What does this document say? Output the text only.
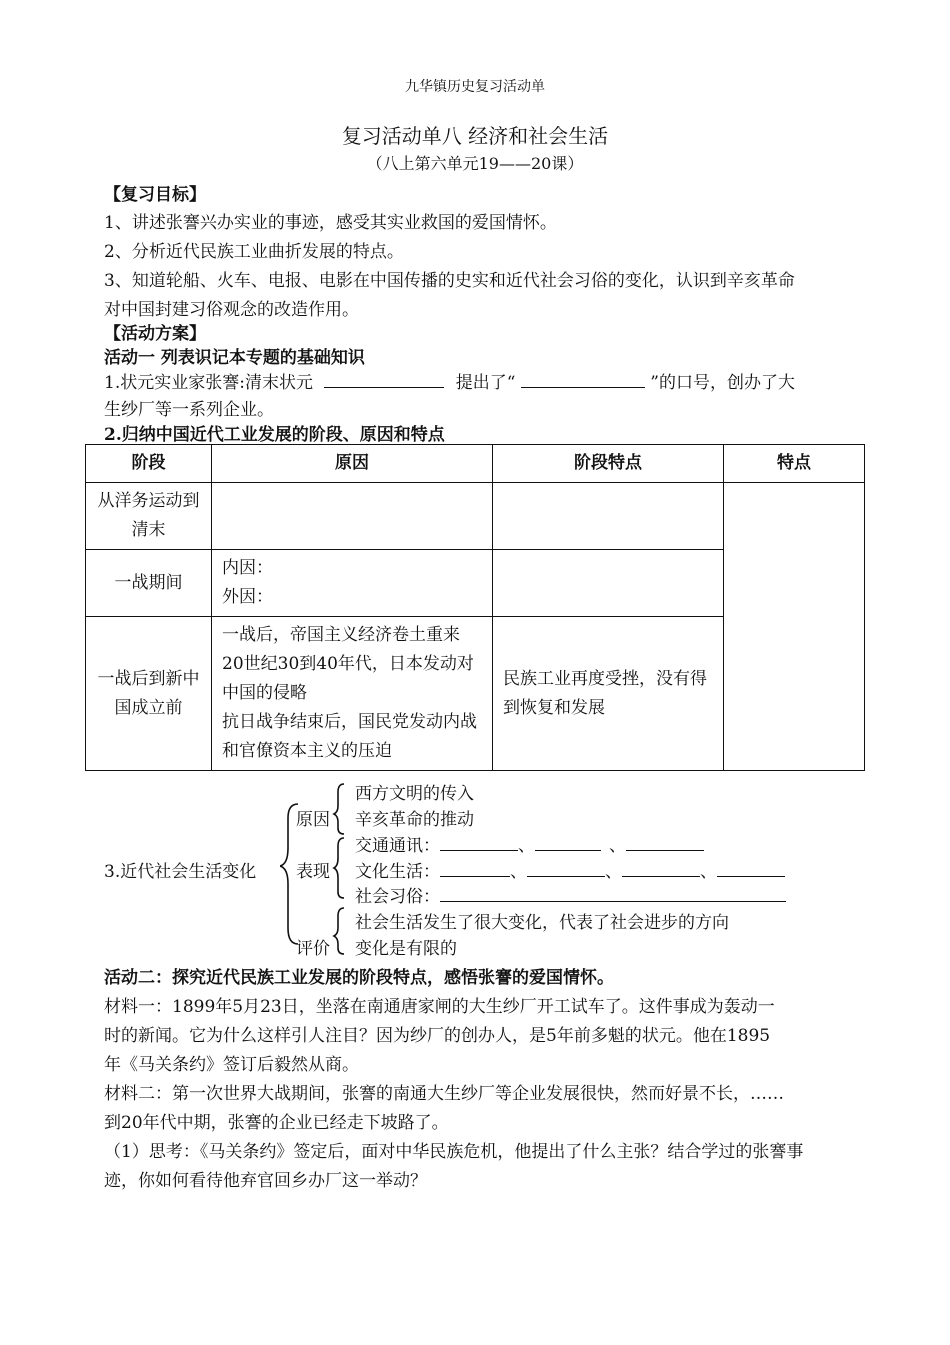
九华镇历史复习活动单
复习活动单八 经济和社会生活
（八上第六单元19——20课）
【复习目标】
1、讲述张謇兴办实业的事迹，感受其实业救国的爱国情怀。
2、分析近代民族工业曲折发展的特点。
3、知道轮船、火车、电报、电影在中国传播的史实和近代社会习俗的变化，认识到辛亥革命
对中国封建习俗观念的改造作用。
【活动方案】
活动一 列表识记本专题的基础知识
1.状元实业家张謇:清末状元	提出了“	”的口号，创办了大
生纱厂等一系列企业。
2.归纳中国近代工业发展的阶段、原因和特点
阶段	原因	阶段特点	特点
从洋务运动到清末			
一战期间	内因：
外因：		

一战后到新中国成立前	一战后，帝国主义经济卷土重来
20世纪30到40年代，日本发动对中国的侵略
抗日战争结束后，国民党发动内战和官僚资本主义的压迫	民族工业再度受挫，没有得到恢复和发展	
3.近代社会生活变化
原因
西方文明的传入
辛亥革命的推动
表现
交通通讯：	、	、
文化生活：	、	、	、
社会习俗：
评价
社会生活发生了很大变化，代表了社会进步的方向
变化是有限的
活动二：探究近代民族工业发展的阶段特点，感悟张謇的爱国情怀。
材料一：1899年5月23日，坐落在南通唐家闸的大生纱厂开工试车了。这件事成为轰动一
时的新闻。它为什么这样引人注目？因为纱厂的创办人，是5年前多魁的状元。他在1895
年《马关条约》签订后毅然从商。
材料二：第一次世界大战期间，张謇的南通大生纱厂等企业发展很快，然而好景不长，……
到20年代中期，张謇的企业已经走下坡路了。
（1）思考：《马关条约》签定后，面对中华民族危机，他提出了什么主张？结合学过的张謇事
迹，你如何看待他弃官回乡办厂这一举动？
